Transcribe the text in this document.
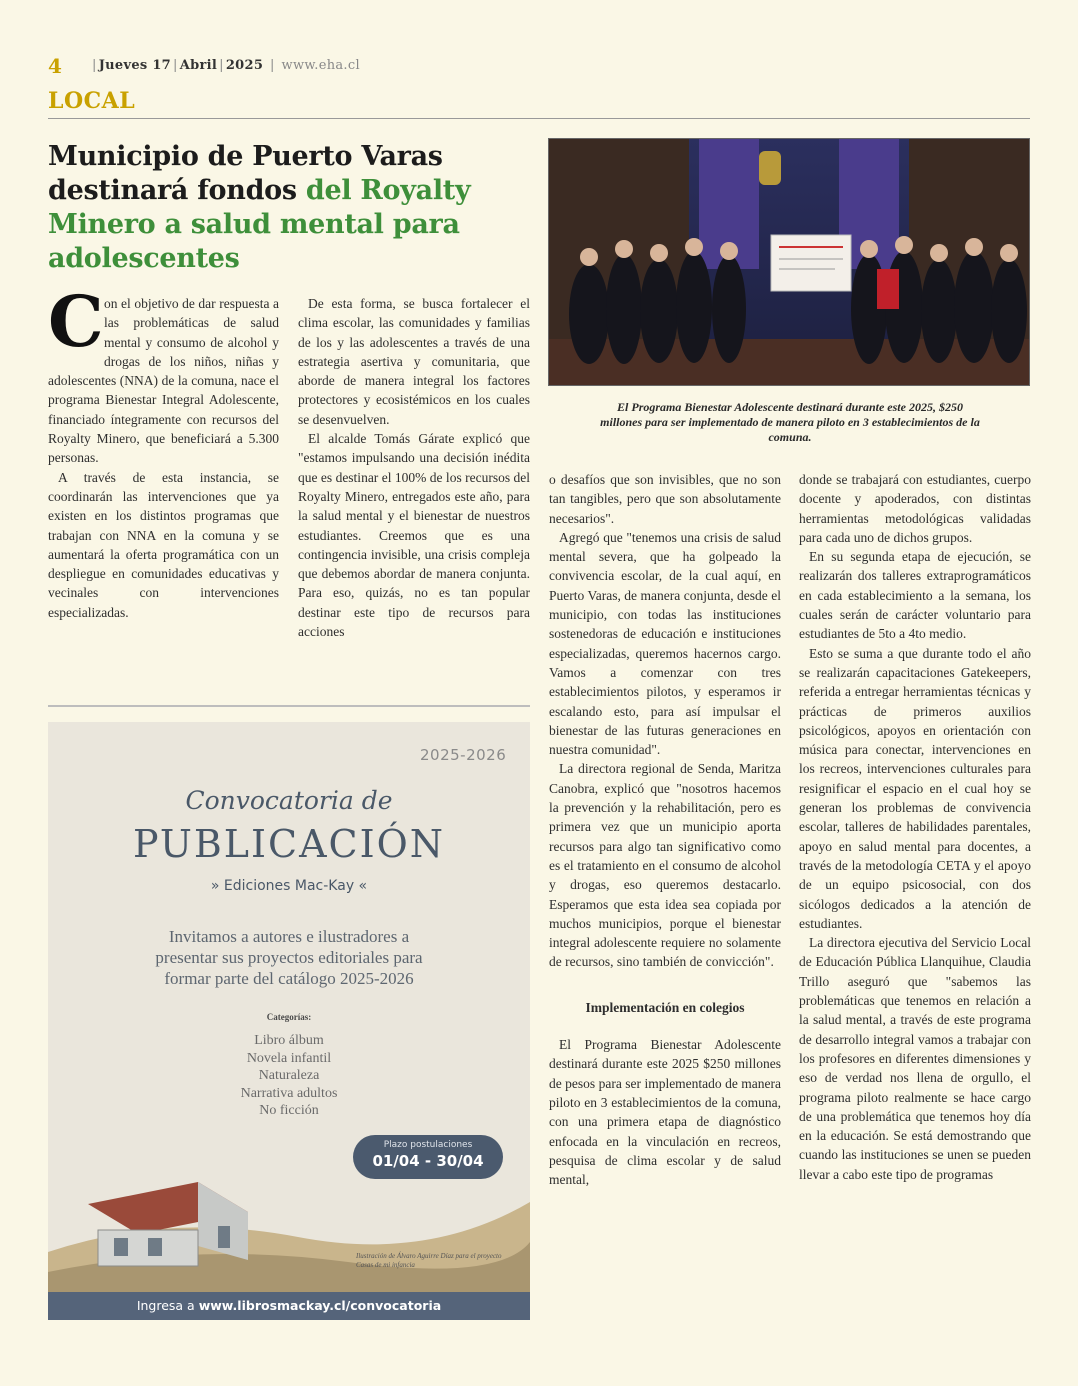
4 | Jueves 17 | Abril | 2025 | www.eha.cl
LOCAL
Municipio de Puerto Varas destinará fondos del Royalty Minero a salud mental para adolescentes
C on el objetivo de dar respuesta a las problemáticas de salud mental y consumo de alcohol y drogas de los niños, niñas y adolescentes (NNA) de la comuna, nace el programa Bienestar Integral Adolescente, financiado íntegramente con recursos del Royalty Minero, que beneficiará a 5.300 personas.

A través de esta instancia, se coordinarán las intervenciones que ya existen en los distintos programas que trabajan con NNA en la comuna y se aumentará la oferta programática con un despliegue en comunidades educativas y vecinales con intervenciones especializadas.

De esta forma, se busca fortalecer el clima escolar, las comunidades y familias de los y las adolescentes a través de una estrategia asertiva y comunitaria, que aborde de manera integral los factores protectores y ecosistémicos en los cuales se desenvuelven.

El alcalde Tomás Gárate explicó que "estamos impulsando una decisión inédita que es destinar el 100% de los recursos del Royalty Minero, entregados este año, para la salud mental y el bienestar de nuestros estudiantes. Creemos que es una contingencia invisible, una crisis compleja que debemos abordar de manera conjunta. Para eso, quizás, no es tan popular destinar este tipo de recursos para acciones

El Programa Bienestar Adolescente destinará durante este 2025, $250 millones para ser implementado de manera piloto en 3 establecimientos de la comuna.

o desafíos que son invisibles, que no son tan tangibles, pero que son absolutamente necesarios".

Agregó que "tenemos una crisis de salud mental severa, que ha golpeado la convivencia escolar, de la cual aquí, en Puerto Varas, de manera conjunta, desde el municipio, con todas las instituciones sostenedoras de educación e instituciones especializadas, queremos hacernos cargo. Vamos a comenzar con tres establecimientos pilotos, y esperamos ir escalando esto, para así impulsar el bienestar de las futuras generaciones en nuestra comunidad".

La directora regional de Senda, Maritza Canobra, explicó que "nosotros hacemos la prevención y la rehabilitación, pero es primera vez que un municipio aporta recursos para algo tan significativo como es el tratamiento en el consumo de alcohol y drogas, eso queremos destacarlo. Esperamos que esta idea sea copiada por muchos municipios, porque el bienestar integral adolescente requiere no solamente de recursos, sino también de convicción".

Implementación en colegios

El Programa Bienestar Adolescente destinará durante este 2025 $250 millones de pesos para ser implementado de manera piloto en 3 establecimientos de la comuna, con una primera etapa de diagnóstico enfocada en la vinculación en recreos, pesquisa de clima escolar y de salud mental,

donde se trabajará con estudiantes, cuerpo docente y apoderados, con distintas herramientas metodológicas validadas para cada uno de dichos grupos.

En su segunda etapa de ejecución, se realizarán dos talleres extraprogramáticos en cada establecimiento a la semana, los cuales serán de carácter voluntario para estudiantes de 5to a 4to medio.

Esto se suma a que durante todo el año se realizarán capacitaciones Gatekeepers, referida a entregar herramientas técnicas y prácticas de primeros auxilios psicológicos, apoyos en orientación con música para conectar, intervenciones en los recreos, intervenciones culturales para resignificar el espacio en el cual hoy se generan los problemas de convivencia escolar, talleres de habilidades parentales, apoyo en salud mental para docentes, a través de la metodología CETA y el apoyo de un equipo psicosocial, con dos sicólogos dedicados a la atención de estudiantes.

La directora ejecutiva del Servicio Local de Educación Pública Llanquihue, Claudia Trillo aseguró que "sabemos las problemáticas que tenemos en relación a la salud mental, a través de este programa de desarrollo integral vamos a trabajar con los profesores en diferentes dimensiones y eso de verdad nos llena de orgullo, el programa piloto realmente se hace cargo de una problemática que tenemos hoy día en la educación. Se está demostrando que cuando las instituciones se unen se pueden llevar a cabo este tipo de programas

2025-2026
Convocatoria de
PUBLICACIÓN
» Ediciones Mac-Kay «
Invitamos a autores e ilustradores a presentar sus proyectos editoriales para formar parte del catálogo 2025-2026
Categorías:
Libro álbum
Novela infantil
Naturaleza
Narrativa adultos
No ficción
Plazo postulaciones
01/04 - 30/04
Ilustración de Álvaro Aguirre Díaz para el proyecto Casas de mi infancia
Ingresa a www.librosmackay.cl/convocatoria
